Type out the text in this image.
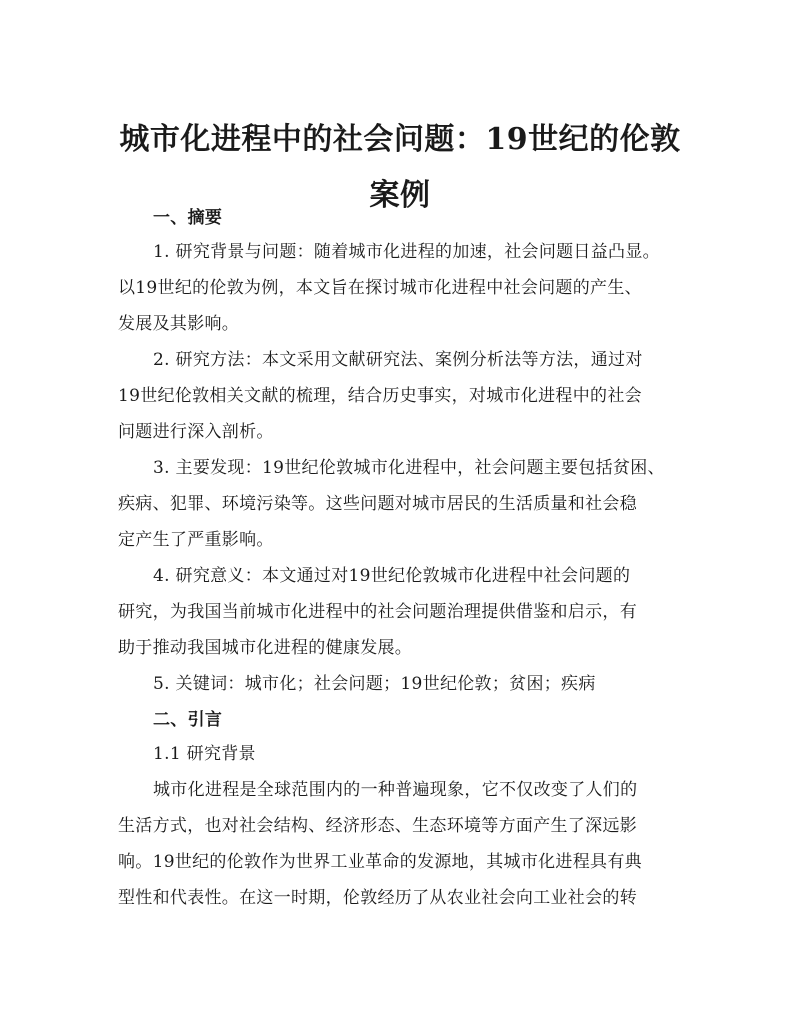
城市化进程中的社会问题：19世纪的伦敦案例
一、摘要
1. 研究背景与问题：随着城市化进程的加速，社会问题日益凸显。
以19世纪的伦敦为例，本文旨在探讨城市化进程中社会问题的产生、
发展及其影响。
2. 研究方法：本文采用文献研究法、案例分析法等方法，通过对
19世纪伦敦相关文献的梳理，结合历史事实，对城市化进程中的社会
问题进行深入剖析。
3. 主要发现：19世纪伦敦城市化进程中，社会问题主要包括贫困、
疾病、犯罪、环境污染等。这些问题对城市居民的生活质量和社会稳
定产生了严重影响。
4. 研究意义：本文通过对19世纪伦敦城市化进程中社会问题的
研究，为我国当前城市化进程中的社会问题治理提供借鉴和启示，有
助于推动我国城市化进程的健康发展。
5. 关键词：城市化；社会问题；19世纪伦敦；贫困；疾病
二、引言
1.1 研究背景
城市化进程是全球范围内的一种普遍现象，它不仅改变了人们的
生活方式，也对社会结构、经济形态、生态环境等方面产生了深远影
响。19世纪的伦敦作为世界工业革命的发源地，其城市化进程具有典
型性和代表性。在这一时期，伦敦经历了从农业社会向工业社会的转
